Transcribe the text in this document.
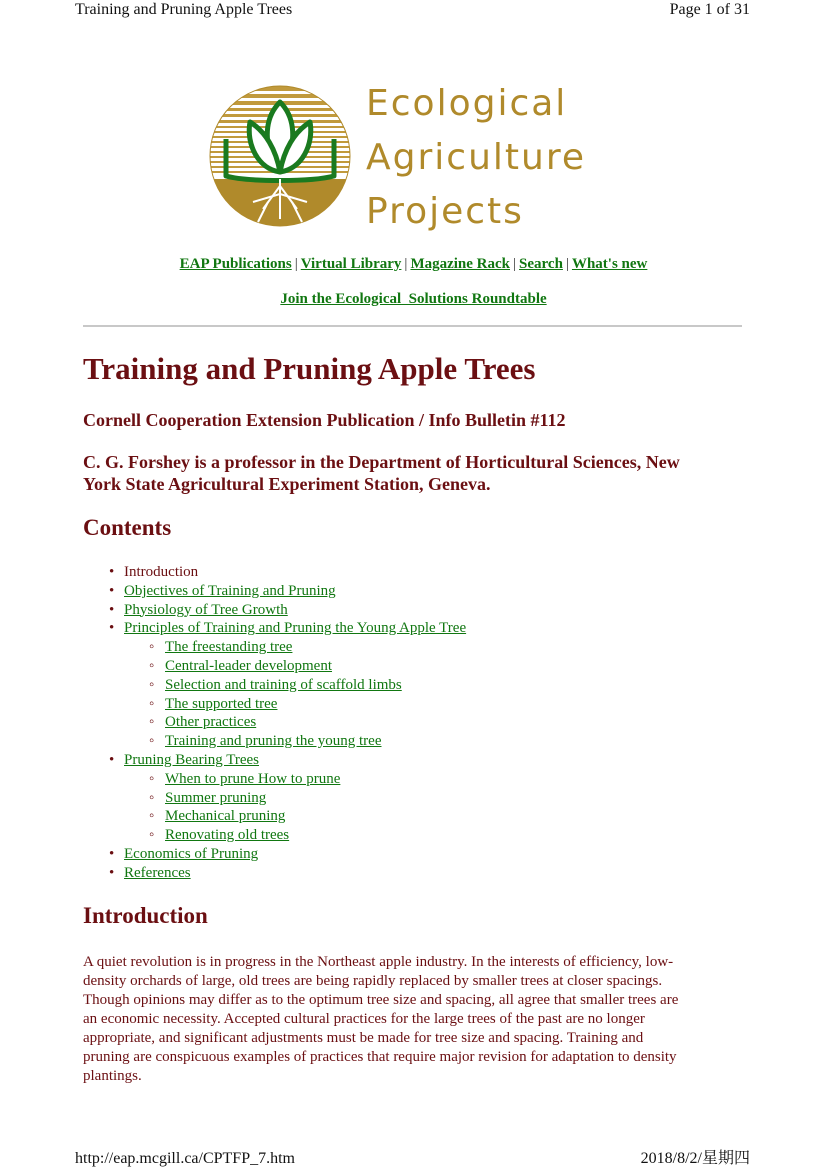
Training and Pruning Apple Trees	Page 1 of 31
Ecological
Agriculture
Projects
EAP Publications | Virtual Library | Magazine Rack | Search | What's new
Join the Ecological  Solutions Roundtable
Training and Pruning Apple Trees

Cornell Cooperation Extension Publication / Info Bulletin #112

C. G. Forshey is a professor in the Department of Horticultural Sciences, New

York State Agricultural Experiment Station, Geneva.

Contents
• Introduction
• Objectives of Training and Pruning
• Physiology of Tree Growth
• Principles of Training and Pruning the Young Apple Tree
◦ The freestanding tree
◦ Central-leader development
◦ Selection and training of scaffold limbs
◦ The supported tree
◦ Other practices
◦ Training and pruning the young tree
• Pruning Bearing Trees
◦ When to prune How to prune
◦ Summer pruning
◦ Mechanical pruning
◦ Renovating old trees
• Economics of Pruning
• References
Introduction
A quiet revolution is in progress in the Northeast apple industry. In the interests of efficiency, low-
density orchards of large, old trees are being rapidly replaced by smaller trees at closer spacings.
Though opinions may differ as to the optimum tree size and spacing, all agree that smaller trees are
an economic necessity. Accepted cultural practices for the large trees of the past are no longer
appropriate, and significant adjustments must be made for tree size and spacing. Training and
pruning are conspicuous examples of practices that require major revision for adaptation to density
plantings.
http://eap.mcgill.ca/CPTFP_7.htm	2018/8/2/星期四
